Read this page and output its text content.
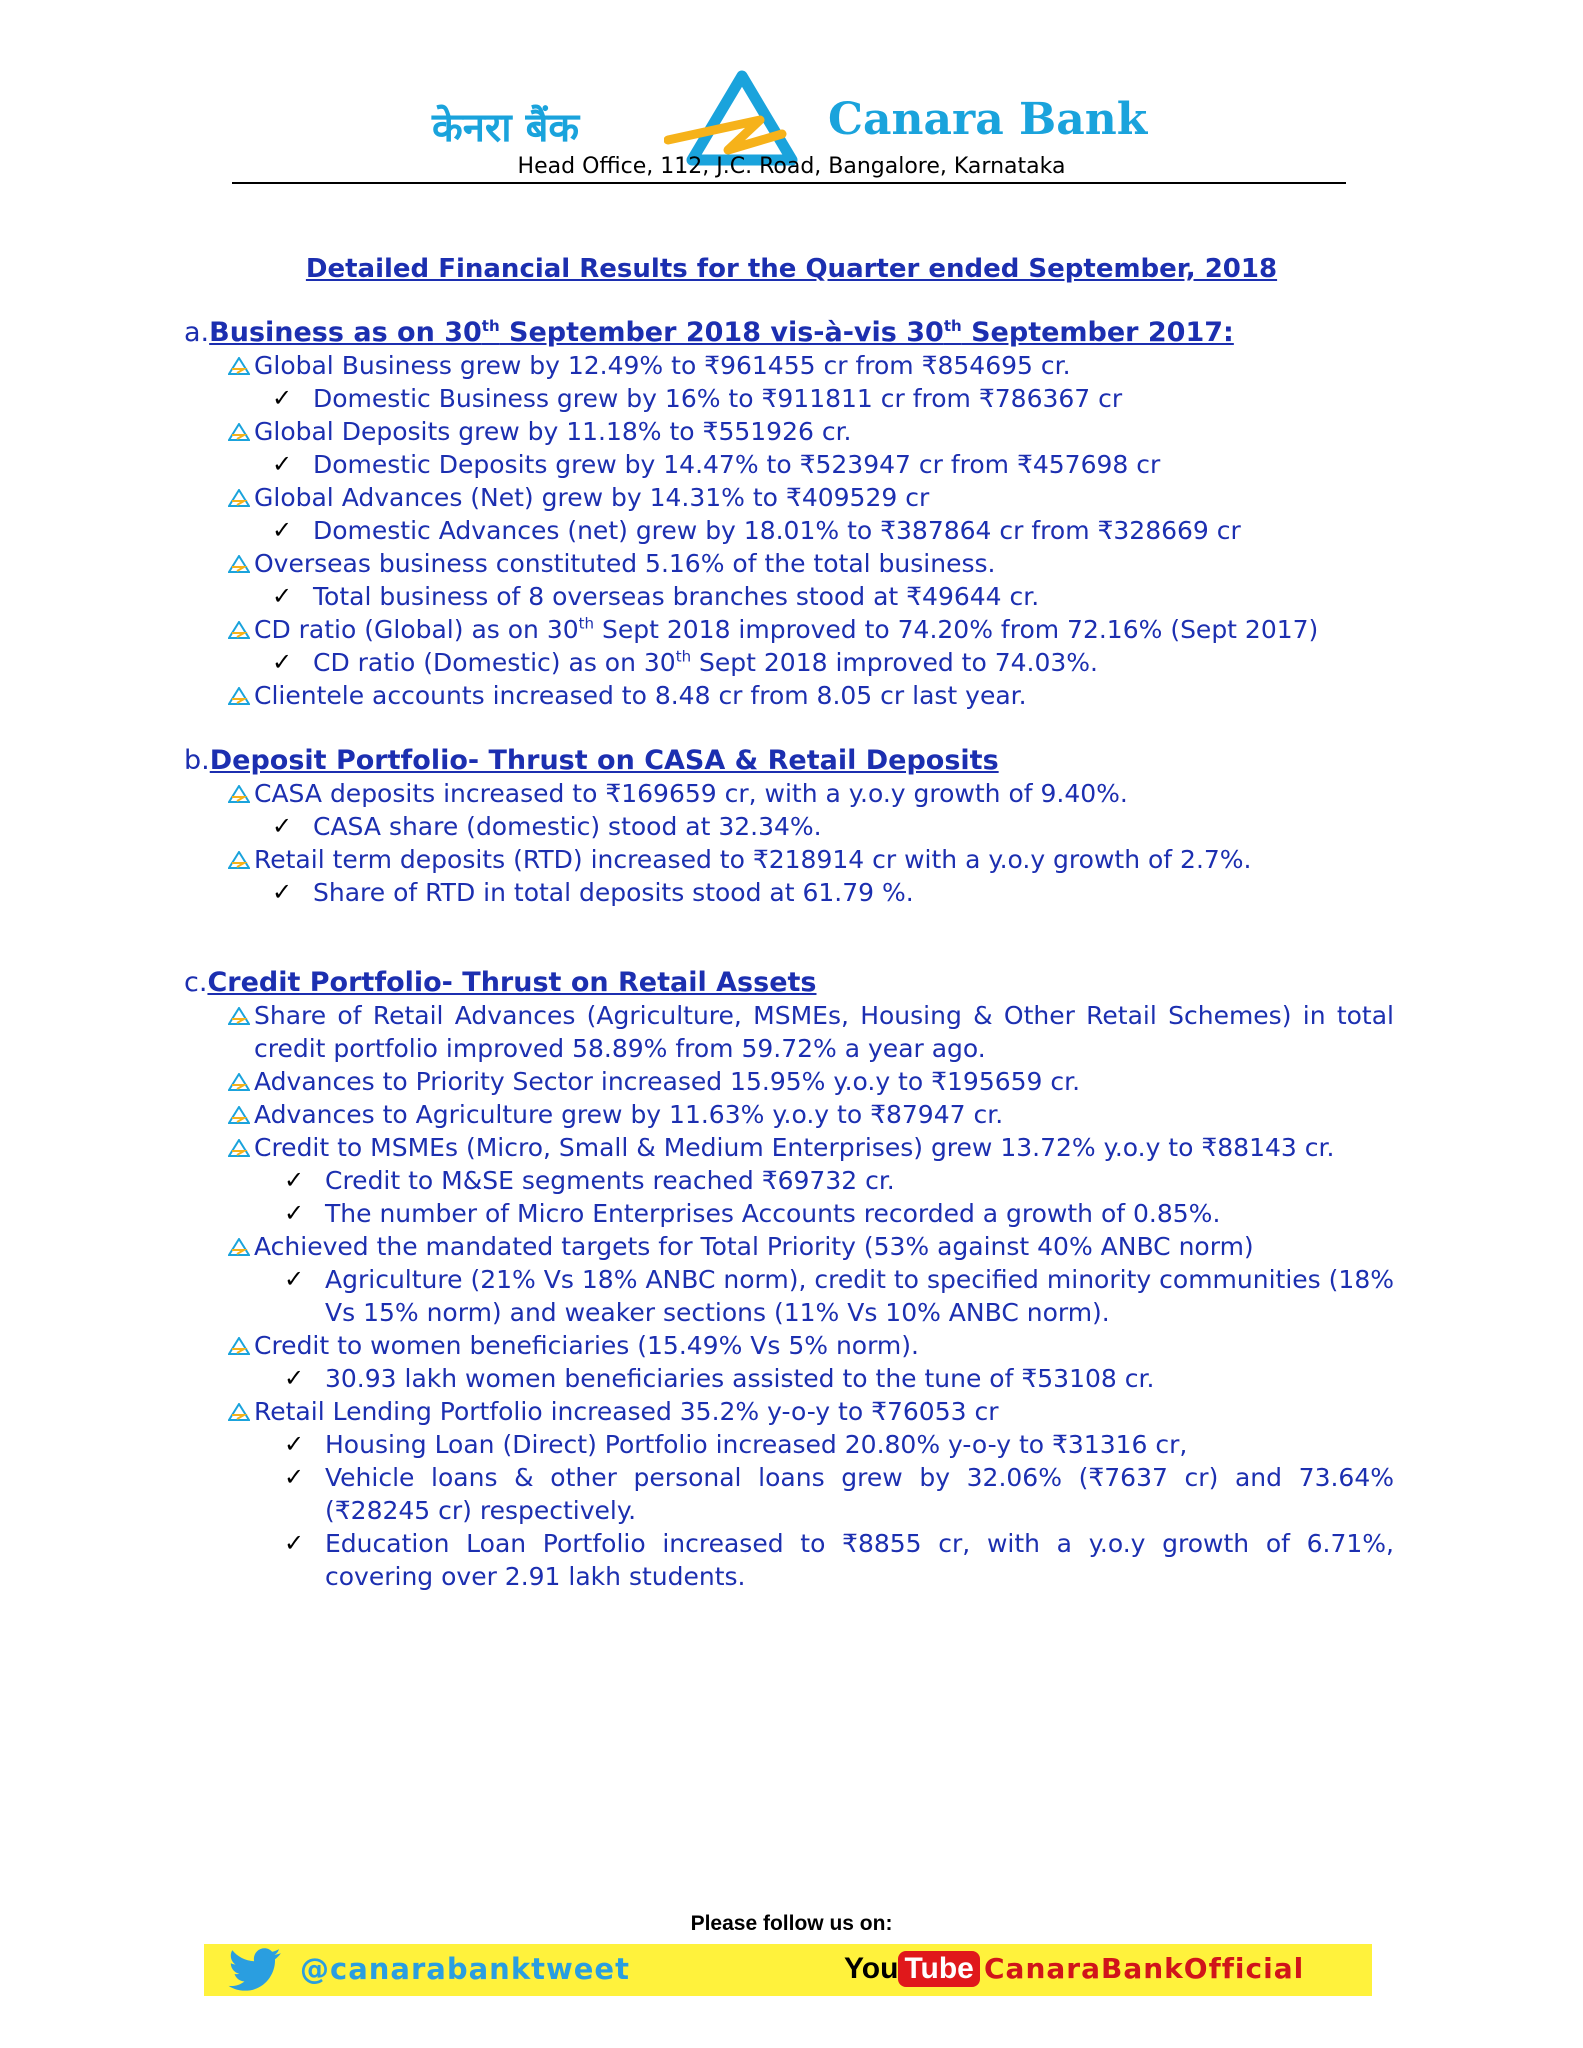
केनरा बैंक	Canara Bank
Head Office, 112, J.C. Road, Bangalore, Karnataka
Detailed Financial Results for the Quarter ended September, 2018
a.Business as on 30th September 2018 vis-à-vis 30th September 2017:
Global Business grew by 12.49% to ₹961455 cr from ₹854695 cr.
✓ Domestic Business grew by 16% to ₹911811 cr from ₹786367 cr
Global Deposits grew by 11.18% to ₹551926 cr.
✓ Domestic Deposits grew by 14.47% to ₹523947 cr from ₹457698 cr
Global Advances (Net) grew by 14.31% to ₹409529 cr
✓ Domestic Advances (net) grew by 18.01% to ₹387864 cr from ₹328669 cr
Overseas business constituted 5.16% of the total business.
✓ Total business of 8 overseas branches stood at ₹49644 cr.
CD ratio (Global) as on 30th Sept 2018 improved to 74.20% from 72.16% (Sept 2017)
✓ CD ratio (Domestic) as on 30th Sept 2018 improved to 74.03%.
Clientele accounts increased to 8.48 cr from 8.05 cr last year.
b.Deposit Portfolio- Thrust on CASA & Retail Deposits
CASA deposits increased to ₹169659 cr, with a y.o.y growth of 9.40%.
✓ CASA share (domestic) stood at 32.34%.
Retail term deposits (RTD) increased to ₹218914 cr with a y.o.y growth of 2.7%.
✓ Share of RTD in total deposits stood at 61.79 %.
c.Credit Portfolio- Thrust on Retail Assets
Share of Retail Advances (Agriculture, MSMEs, Housing & Other Retail Schemes) in total credit portfolio improved 58.89% from 59.72% a year ago.
Advances to Priority Sector increased 15.95% y.o.y to ₹195659 cr.
Advances to Agriculture grew by 11.63% y.o.y to ₹87947 cr.
Credit to MSMEs (Micro, Small & Medium Enterprises) grew 13.72% y.o.y to ₹88143 cr.
✓ Credit to M&SE segments reached ₹69732 cr.
✓ The number of Micro Enterprises Accounts recorded a growth of 0.85%.
Achieved the mandated targets for Total Priority (53% against 40% ANBC norm)
✓ Agriculture (21% Vs 18% ANBC norm), credit to specified minority communities (18% Vs 15% norm) and weaker sections (11% Vs 10% ANBC norm).
Credit to women beneficiaries (15.49% Vs 5% norm).
✓ 30.93 lakh women beneficiaries assisted to the tune of ₹53108 cr.
Retail Lending Portfolio increased 35.2% y-o-y to ₹76053 cr
✓ Housing Loan (Direct) Portfolio increased 20.80% y-o-y to ₹31316 cr,
✓ Vehicle loans & other personal loans grew by 32.06% (₹7637 cr) and 73.64% (₹28245 cr) respectively.
✓ Education Loan Portfolio increased to ₹8855 cr, with a y.o.y growth of 6.71%, covering over 2.91 lakh students.
Please follow us on:
@canarabanktweet	You Tube CanaraBankOfficial
